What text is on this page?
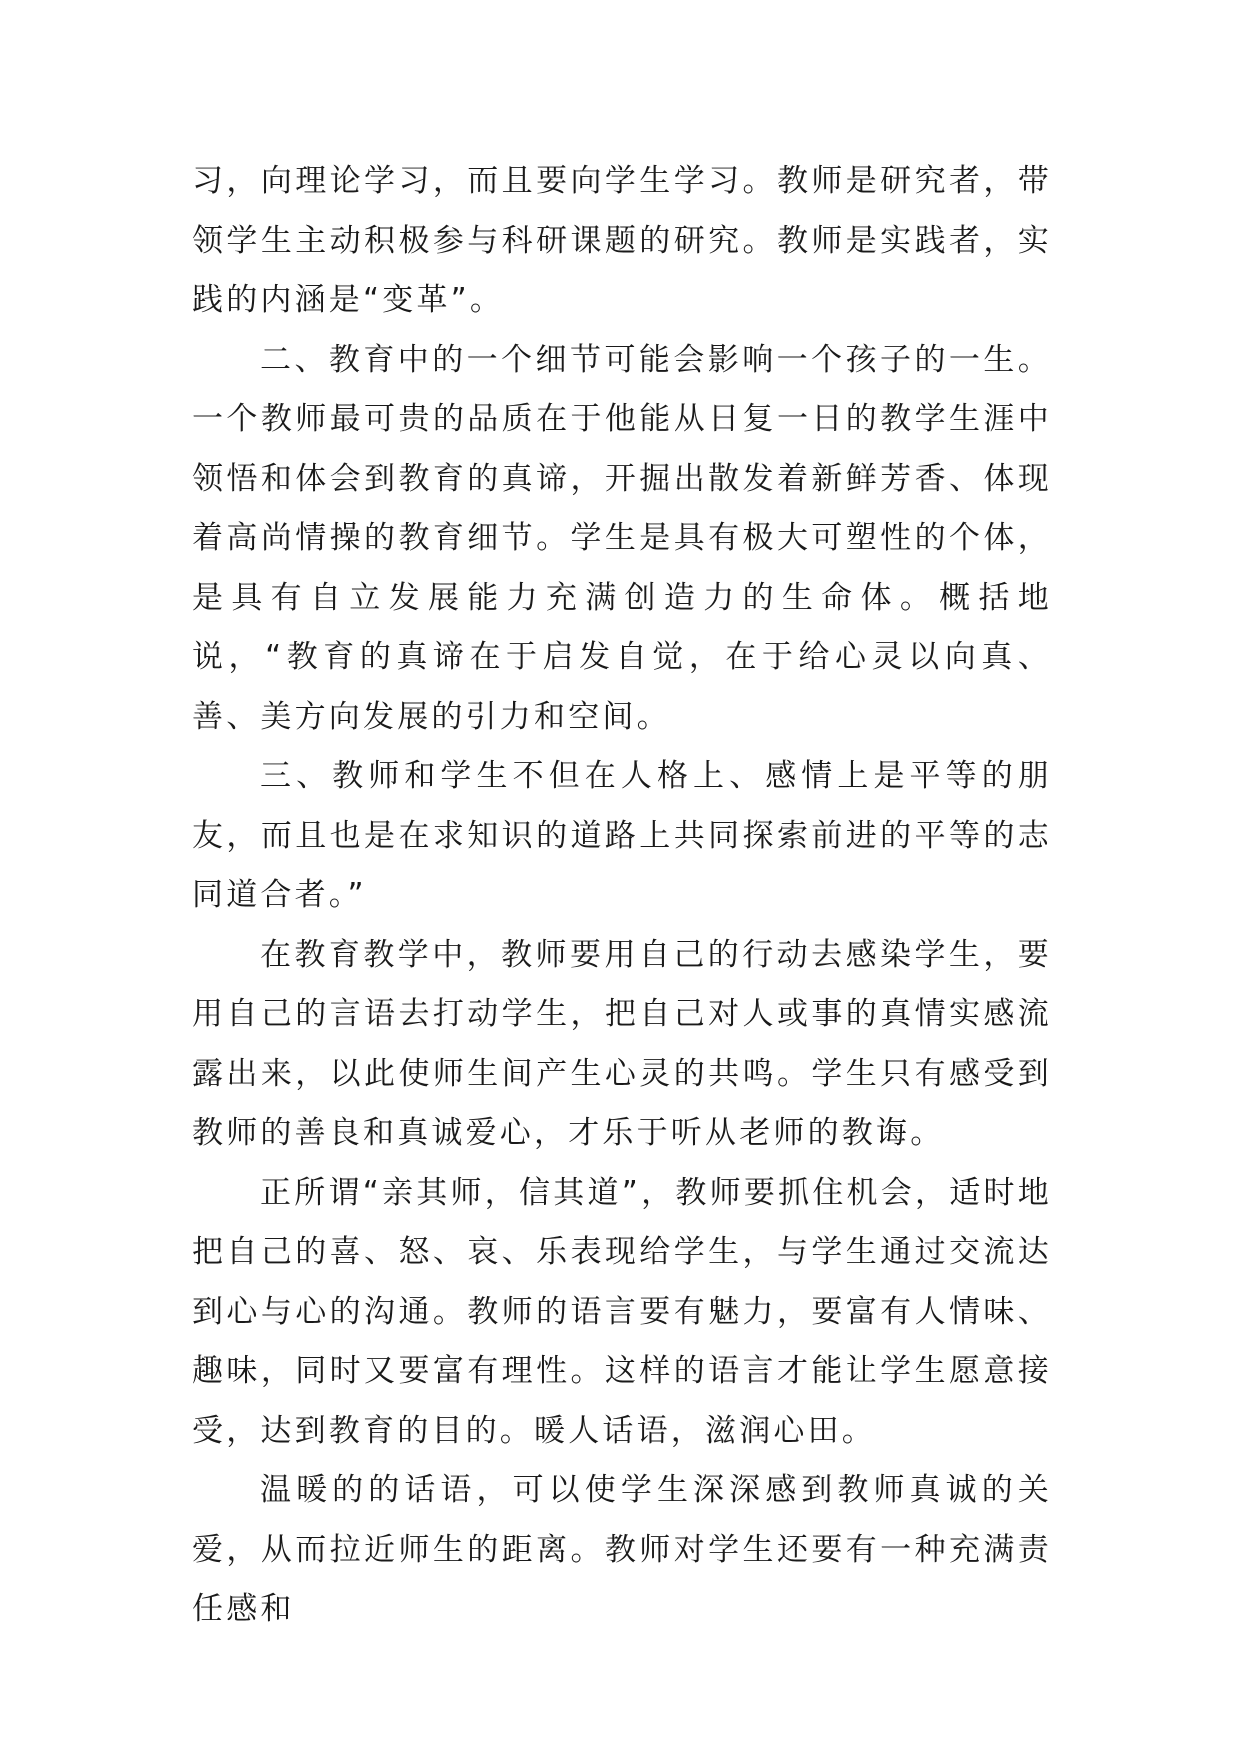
习，向理论学习，而且要向学生学习。教师是研究者，带领学生主动积极参与科研课题的研究。教师是实践者，实践的内涵是“变革”。

二、教育中的一个细节可能会影响一个孩子的一生。一个教师最可贵的品质在于他能从日复一日的教学生涯中领悟和体会到教育的真谛，开掘出散发着新鲜芳香、体现着高尚情操的教育细节。学生是具有极大可塑性的个体，是具有自立发展能力充满创造力的生命体。概括地说，“教育的真谛在于启发自觉，在于给心灵以向真、善、美方向发展的引力和空间。

三、教师和学生不但在人格上、感情上是平等的朋友，而且也是在求知识的道路上共同探索前进的平等的志同道合者。”

在教育教学中，教师要用自己的行动去感染学生，要用自己的言语去打动学生，把自己对人或事的真情实感流露出来，以此使师生间产生心灵的共鸣。学生只有感受到教师的善良和真诚爱心，才乐于听从老师的教诲。

正所谓“亲其师，信其道”，教师要抓住机会，适时地把自己的喜、怒、哀、乐表现给学生，与学生通过交流达到心与心的沟通。教师的语言要有魅力，要富有人情味、趣味，同时又要富有理性。这样的语言才能让学生愿意接受，达到教育的目的。暖人话语，滋润心田。

温暖的的话语，可以使学生深深感到教师真诚的关爱，从而拉近师生的距离。教师对学生还要有一种充满责任感和
